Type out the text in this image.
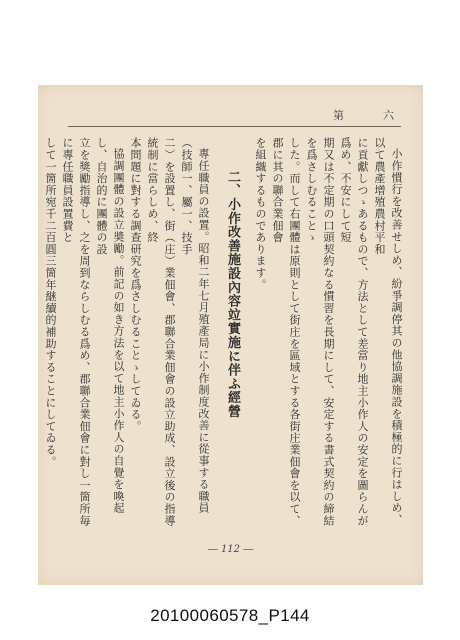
六
第
小作慣行を改善せしめ、紛爭調停其の他協調施設を積極的に行はしめ、以て農產增殖農村平和
に貢獻しつゝあるもので、方法として差當り地主小作人の安定を圖らんが爲め、不安にして短
期又は不定期の口頭契約なる慣習を長期にして、安定する書式契約の締結を爲さしむることゝ
した。而して右團體は原則として街庄を區域とする各街庄業佃會を以て、郡に其の聯合業佃會
を組織するものであります。
二、小作改善施設內容竝實施に伴ふ經營
專任職員の設置。昭和二年七月殖產局に小作制度改善に從事する職員（技師一、屬一、技手
二）を設置し、街（庄）業佃會、郡聯合業佃會の設立助成、設立後の指導統制に當らしめ、終
本問題に對する調查研究を爲さしむることゝしてゐる。
協調團體の設立奬勵。前記の如き方法を以て地主小作人の自覺を喚起し、自治的に團體の設
立を獎勵指導し、之を周到ならしむる爲め、郡聯合業佃會に對し一箇所毎に專任職員設置費と
して一箇所宛千二百圓三箇年継續的補助することにしてゐる。
― 112 ―
20100060578_P144
